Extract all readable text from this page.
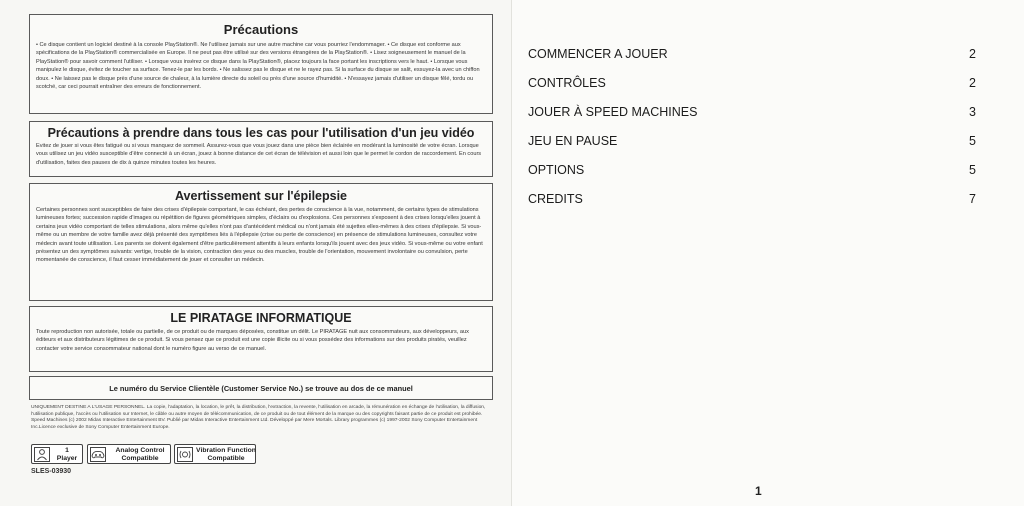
Précautions

• Ce disque contient un logiciel destiné à la console PlayStation®. Ne l'utilisez jamais sur une autre machine car vous pourriez l'endommager. • Ce disque est conforme aux spécifications de la PlayStation® commercialisée en Europe. Il ne peut pas être utilisé sur des versions étrangères de la PlayStation®. • Lisez soigneusement le manuel de la PlayStation® pour savoir comment l'utiliser. • Lorsque vous insérez ce disque dans la PlayStation®, placez toujours la face portant les inscriptions vers le haut. • Lorsque vous manipulez le disque, évitez de toucher sa surface. Tenez-le par les bords. • Ne salissez pas le disque et ne le rayez pas. Si la surface du disque se salit, essuyez-la avec un chiffon doux. • Ne laissez pas le disque près d'une source de chaleur, à la lumière directe du soleil ou près d'une source d'humidité. • N'essayez jamais d'utiliser un disque fêlé, tordu ou scotché, car ceci pourrait entraîner des erreurs de fonctionnement.

Précautions à prendre dans tous les cas pour l'utilisation d'un jeu vidéo

Evitez de jouer si vous êtes fatigué ou si vous manquez de sommeil. Assurez-vous que vous jouez dans une pièce bien éclairée en modérant la luminosité de votre écran. Lorsque vous utilisez un jeu vidéo susceptible d'être connecté à un écran, jouez à bonne distance de cet écran de télévision et aussi loin que le permet le cordon de raccordement. En cours d'utilisation, faites des pauses de dix à quinze minutes toutes les heures.

Avertissement sur l'épilepsie

Certaines personnes sont susceptibles de faire des crises d'épilepsie comportant, le cas échéant, des pertes de conscience à la vue, notamment, de certains types de stimulations lumineuses fortes; succession rapide d'images ou répétition de figures géométriques simples, d'éclairs ou d'explosions. Ces personnes s'exposent à des crises lorsqu'elles jouent à certains jeux vidéo comportant de telles stimulations, alors même qu'elles n'ont pas d'antécédent médical ou n'ont jamais été sujettes elles-mêmes à des crises d'épilepsie. Si vous-même ou un membre de votre famille avez déjà présenté des symptômes liés à l'épilepsie (crise ou perte de conscience) en présence de stimulations lumineuses, consultez votre médecin avant toute utilisation. Les parents se doivent également d'être particulièrement attentifs à leurs enfants lorsqu'ils jouent avec des jeux vidéo. Si vous-même ou votre enfant présentez un des symptômes suivants: vertige, trouble de la vision, contraction des yeux ou des muscles, trouble de l'orientation, mouvement involontaire ou convulsion, perte momentanée de conscience, il faut cesser immédiatement de jouer et consulter un médecin.

LE PIRATAGE INFORMATIQUE

Toute reproduction non autorisée, totale ou partielle, de ce produit ou de marques déposées, constitue un délit. Le PIRATAGE nuit aux consommateurs, aux développeurs, aux éditeurs et aux distributeurs légitimes de ce produit. Si vous pensez que ce produit est une copie illicite ou si vous possédez des informations sur des produits piratés, veuillez contacter votre service consommateur national dont le numéro figure au verso de ce manuel.

Le numéro du Service Clientèle (Customer Service No.) se trouve au dos de ce manuel

UNIQUEMENT DESTINE A L'USAGE PERSONNEL. La copie, l'adaptation, la location, le prêt, la distribution, l'extraction, la revente, l'utilisation en arcade, la rémunération en échange de l'utilisation, la diffusion, l'utilisation publique, l'accès ou l'utilisation sur Internet, le câble ou autre moyen de télécommunication, de ce produit ou de tout élément de la marque ou des copyrights faisant partie de ce produit est prohibée. Speed Machines (c) 2002 Midas Interactive Entertainment BV. Publié par Midas Interactive Entertainment Ltd. Développé par Mere Mortals. Library programmes (c) 1997-2002 Sony Computer Entertainment Inc.Licence exclusive de Sony Computer Entertainment Europe.

1
Player
Analog Control
Compatible
Vibration Function
Compatible
SLES-03930
COMMENCER A JOUER	2
CONTRÔLES	2
JOUER À SPEED MACHINES	3
JEU EN PAUSE	5
OPTIONS	5
CREDITS	7
1
